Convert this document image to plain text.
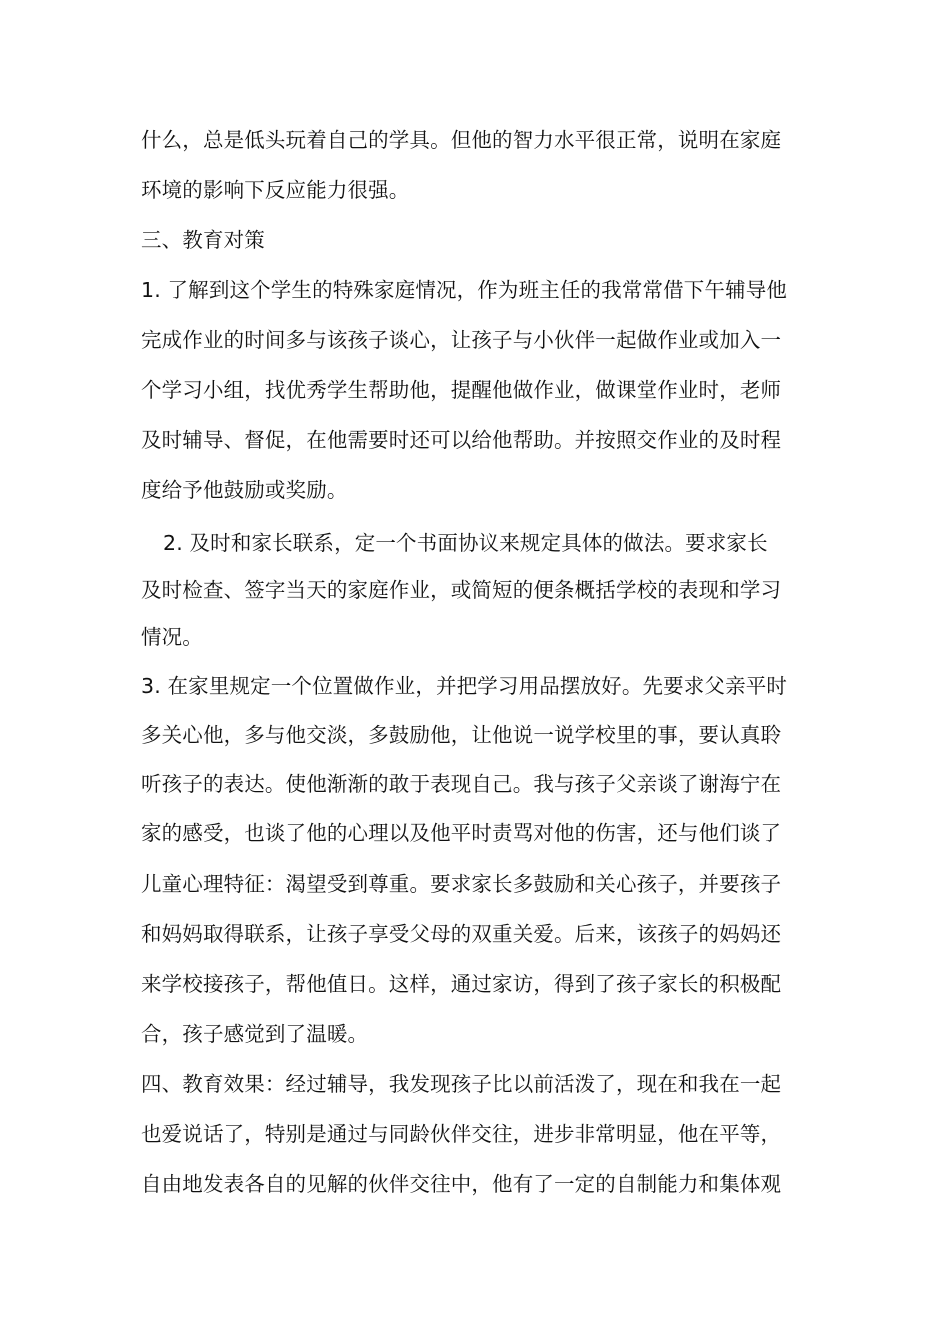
什么，总是低头玩着自己的学具。但他的智力水平很正常，说明在家庭
环境的影响下反应能力很强。
三、教育对策
1. 了解到这个学生的特殊家庭情况，作为班主任的我常常借下午辅导他
完成作业的时间多与该孩子谈心，让孩子与小伙伴一起做作业或加入一
个学习小组，找优秀学生帮助他，提醒他做作业，做课堂作业时，老师
及时辅导、督促，在他需要时还可以给他帮助。并按照交作业的及时程
度给予他鼓励或奖励。
2. 及时和家长联系，定一个书面协议来规定具体的做法。要求家长
及时检查、签字当天的家庭作业，或简短的便条概括学校的表现和学习
情况。
3. 在家里规定一个位置做作业，并把学习用品摆放好。先要求父亲平时
多关心他，多与他交淡，多鼓励他，让他说一说学校里的事，要认真聆
听孩子的表达。使他渐渐的敢于表现自己。我与孩子父亲谈了谢海宁在
家的感受，也谈了他的心理以及他平时责骂对他的伤害，还与他们谈了
儿童心理特征：渴望受到尊重。要求家长多鼓励和关心孩子，并要孩子
和妈妈取得联系，让孩子享受父母的双重关爱。后来，该孩子的妈妈还
来学校接孩子，帮他值日。这样，通过家访，得到了孩子家长的积极配
合，孩子感觉到了温暖。
四、教育效果：经过辅导，我发现孩子比以前活泼了，现在和我在一起
也爱说话了，特别是通过与同龄伙伴交往，进步非常明显，他在平等，
自由地发表各自的见解的伙伴交往中，他有了一定的自制能力和集体观
